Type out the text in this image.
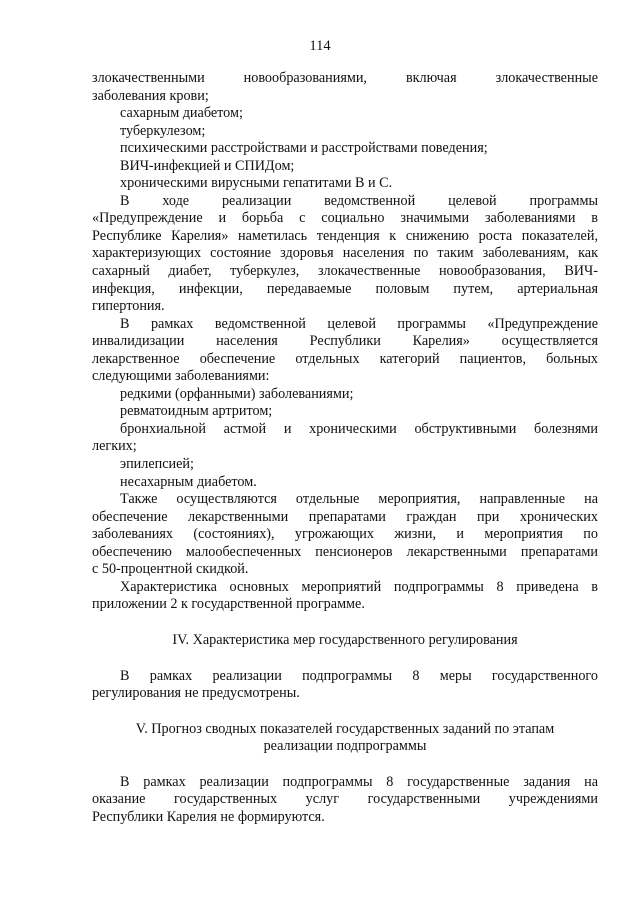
114
злокачественными новообразованиями, включая злокачественные
заболевания крови;
сахарным диабетом;
туберкулезом;
психическими расстройствами и расстройствами поведения;
ВИЧ-инфекцией и СПИДом;
хроническими вирусными гепатитами В и С.
В ходе реализации ведомственной целевой программы
«Предупреждение и борьба с социально значимыми заболеваниями в
Республике Карелия» наметилась тенденция к снижению роста показателей,
характеризующих состояние здоровья населения по таким заболеваниям, как
сахарный диабет, туберкулез, злокачественные новообразования, ВИЧ-
инфекция, инфекции, передаваемые половым путем, артериальная
гипертония.
В рамках ведомственной целевой программы «Предупреждение
инвалидизации населения Республики Карелия» осуществляется
лекарственное обеспечение отдельных категорий пациентов, больных
следующими заболеваниями:
редкими (орфанными) заболеваниями;
ревматоидным артритом;
бронхиальной астмой и хроническими обструктивными болезнями
легких;
эпилепсией;
несахарным диабетом.
Также осуществляются отдельные мероприятия, направленные на
обеспечение лекарственными препаратами граждан при хронических
заболеваниях (состояниях), угрожающих жизни, и мероприятия по
обеспечению малообеспеченных пенсионеров лекарственными препаратами
с 50-процентной скидкой.
Характеристика основных мероприятий подпрограммы 8 приведена в
приложении 2 к государственной программе.
IV. Характеристика мер государственного регулирования
В рамках реализации подпрограммы 8 меры государственного
регулирования не предусмотрены.
V. Прогноз сводных показателей государственных заданий по этапам
реализации подпрограммы
В рамках реализации подпрограммы 8 государственные задания на
оказание государственных услуг государственными учреждениями
Республики Карелия не формируются.
